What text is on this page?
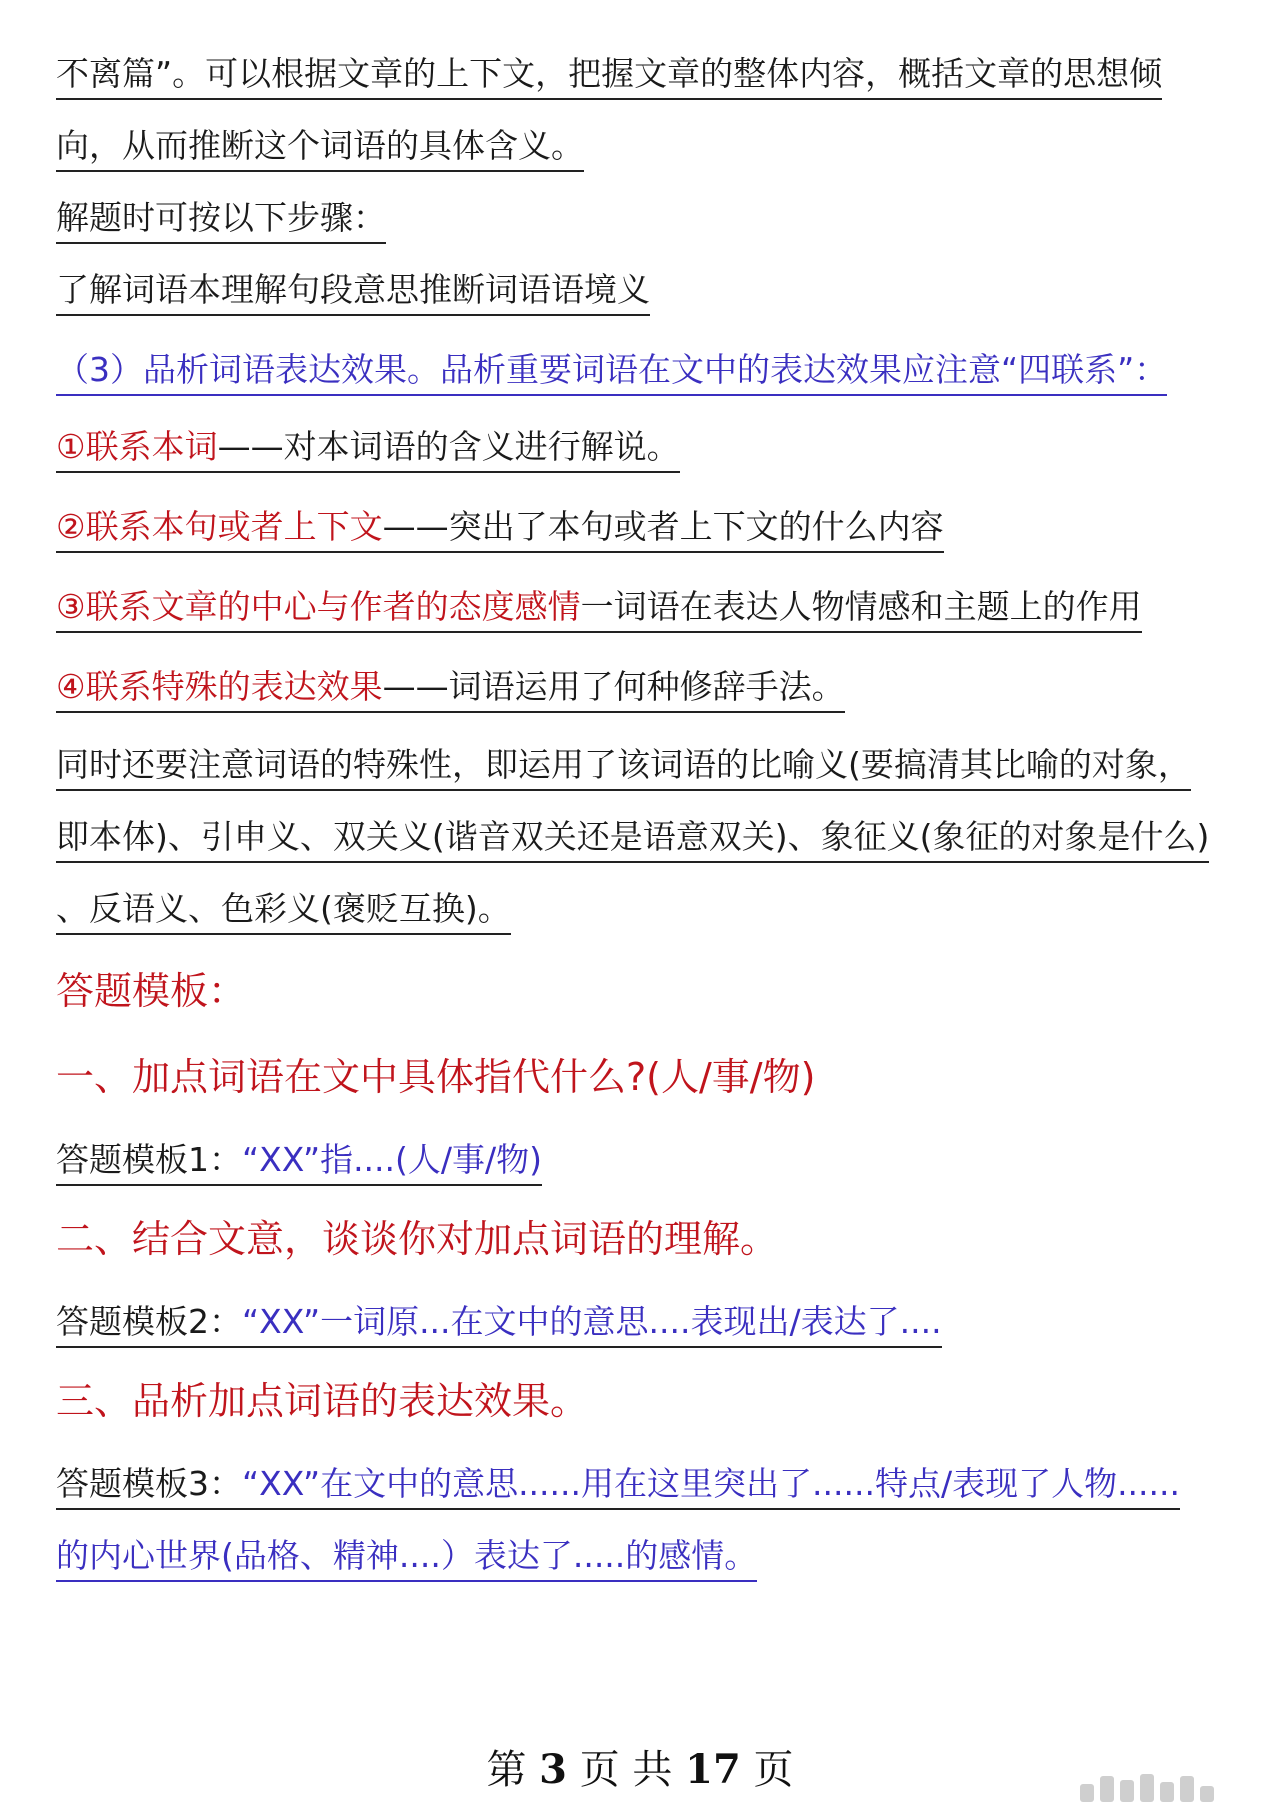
不离篇”。可以根据文章的上下文，把握文章的整体内容，概括文章的思想倾
向，从而推断这个词语的具体含义。
解题时可按以下步骤：
了解词语本理解句段意思推断词语语境义
（3）品析词语表达效果。品析重要词语在文中的表达效果应注意“四联系”：
①联系本词——对本词语的含义进行解说。
②联系本句或者上下文——突出了本句或者上下文的什么内容
③联系文章的中心与作者的态度感情一词语在表达人物情感和主题上的作用
④联系特殊的表达效果——词语运用了何种修辞手法。
同时还要注意词语的特殊性，即运用了该词语的比喻义(要搞清其比喻的对象，
即本体)、引申义、双关义(谐音双关还是语意双关)、象征义(象征的对象是什么)
、反语义、色彩义(褒贬互换)。
答题模板：
一、加点词语在文中具体指代什么?(人/事/物)
答题模板1：“XX”指....(人/事/物)
二、结合文意，谈谈你对加点词语的理解。
答题模板2：“XX”一词原...在文中的意思....表现出/表达了....
三、品析加点词语的表达效果。
答题模板3：“XX”在文中的意思......用在这里突出了......特点/表现了人物......
的内心世界(品格、精神....）表达了.....的感情。
第 3 页 共 17 页
